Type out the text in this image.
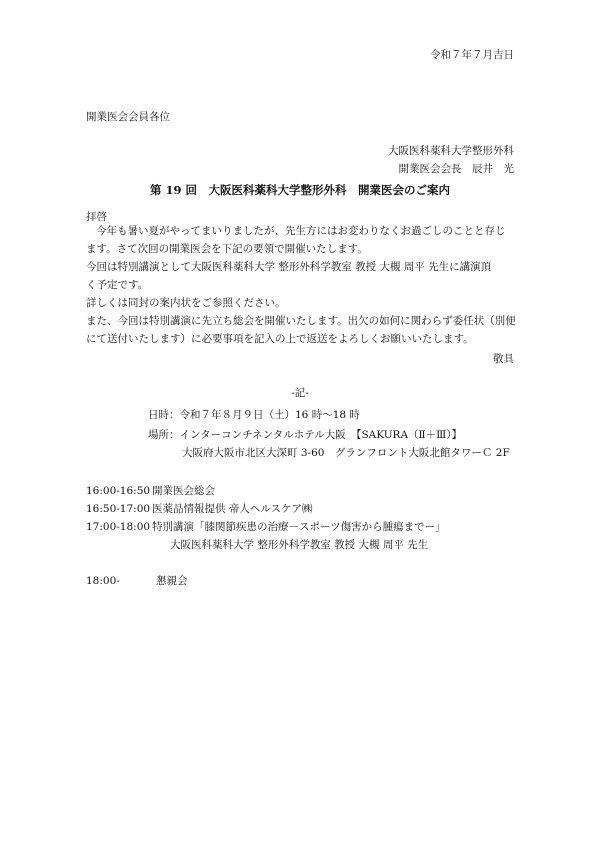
令和７年７月吉日
開業医会会員各位
大阪医科薬科大学整形外科
開業医会会長　辰井　光
第 19 回　大阪医科薬科大学整形外科　開業医会のご案内
拝啓

今年も暑い夏がやってまいりましたが、先生方にはお変わりなくお過ごしのことと存じ

ます。さて次回の開業医会を下記の要領で開催いたします。

今回は特別講演として大阪医科薬科大学 整形外科学教室 教授 大槻 周平 先生に講演頂

く予定です。

詳しくは同封の案内状をご参照ください。

また、今回は特別講演に先立ち総会を開催いたします。出欠の如何に関わらず委任状（別便

にて送付いたします）に必要事項を記入の上で返送をよろしくお願いいたします。

敬具
-記-
日時：令和７年８月９日（土）16 時～18 時
場所：インターコンチネンタルホテル大阪　【SAKURA（Ⅱ＋Ⅲ）】
大阪府大阪市北区大深町 3-60　グランフロント大阪北館タワーＣ 2F
16:00-16:50 開業医会総会
16:50-17:00 医薬品情報提供 帝人ヘルスケア㈱
17:00-18:00 特別講演「膝関節疾患の治療－スポーツ傷害から腫瘍までー」
大阪医科薬科大学 整形外科学教室 教授 大槻 周平 先生
18:00-	懇親会
